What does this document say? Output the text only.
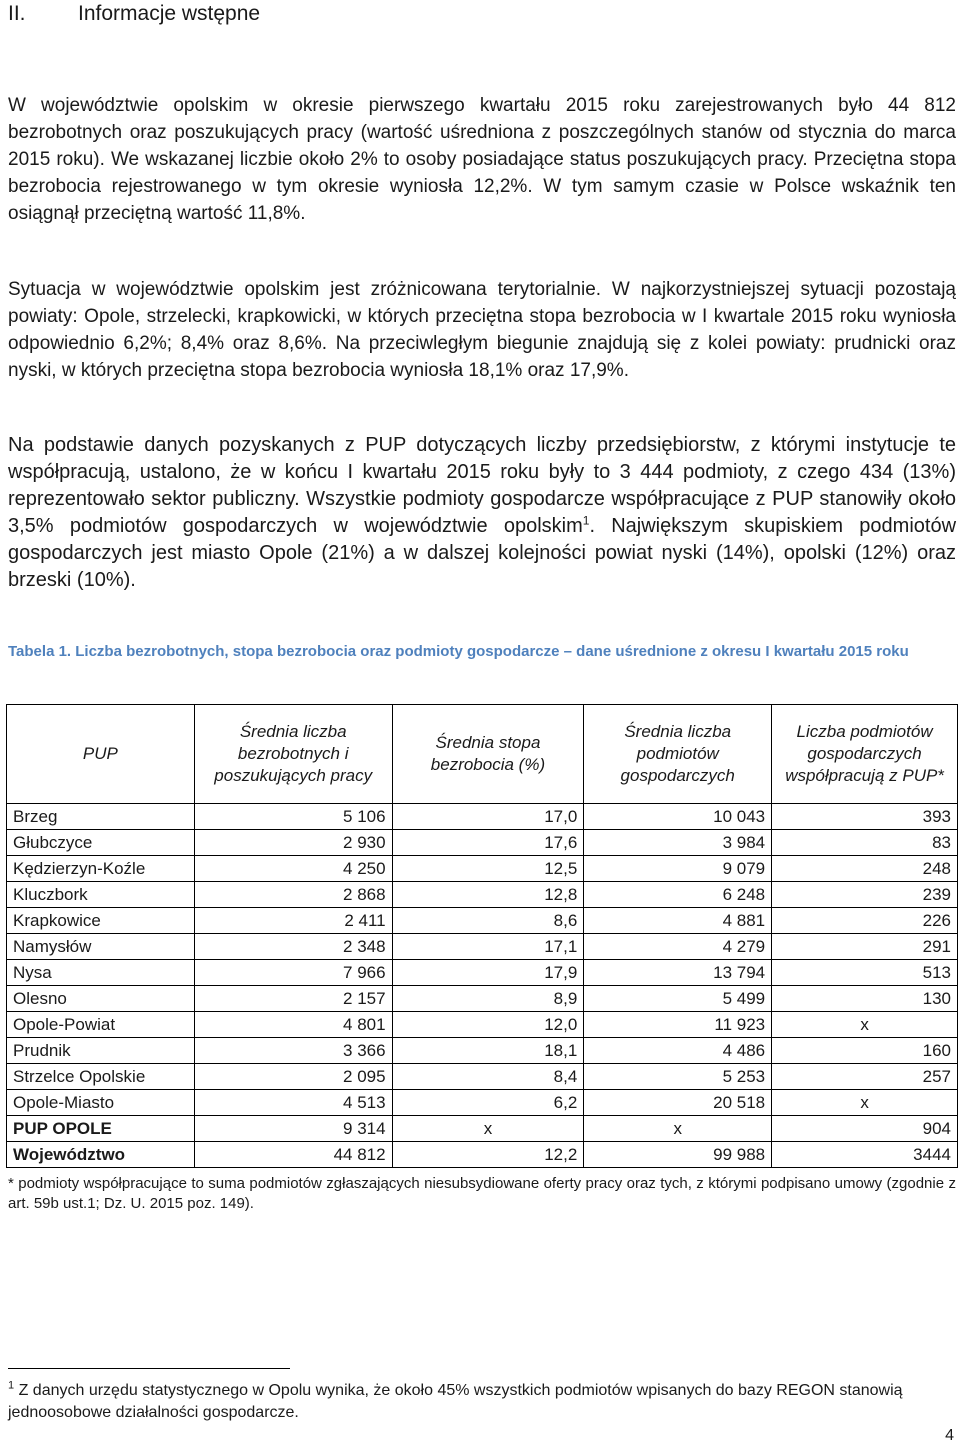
II. Informacje wstępne

W województwie opolskim w okresie pierwszego kwartału 2015 roku zarejestrowanych było 44 812 bezrobotnych oraz poszukujących pracy (wartość uśredniona z poszczególnych stanów od stycznia do marca 2015 roku). We wskazanej liczbie około 2% to osoby posiadające status poszukujących pracy. Przeciętna stopa bezrobocia rejestrowanego w tym okresie wyniosła 12,2%. W tym samym czasie w Polsce wskaźnik ten osiągnął przeciętną wartość 11,8%.

Sytuacja w województwie opolskim jest zróżnicowana terytorialnie. W najkorzystniejszej sytuacji pozostają powiaty: Opole, strzelecki, krapkowicki, w których przeciętna stopa bezrobocia w I kwartale 2015 roku wyniosła odpowiednio 6,2%; 8,4% oraz 8,6%. Na przeciwległym biegunie znajdują się z kolei powiaty: prudnicki oraz nyski, w których przeciętna stopa bezrobocia wyniosła 18,1% oraz 17,9%.

Na podstawie danych pozyskanych z PUP dotyczących liczby przedsiębiorstw, z którymi instytucje te współpracują, ustalono, że w końcu I kwartału 2015 roku były to 3 444 podmioty, z czego 434 (13%) reprezentowało sektor publiczny. Wszystkie podmioty gospodarcze współpracujące z PUP stanowiły około 3,5% podmiotów gospodarczych w województwie opolskim$^1$. Największym skupiskiem podmiotów gospodarczych jest miasto Opole (21%) a w dalszej kolejności powiat nyski (14%), opolski (12%) oraz brzeski (10%).

Tabela 1. Liczba bezrobotnych, stopa bezrobocia oraz podmioty gospodarcze – dane uśrednione z okresu I kwartału 2015 roku
PUP	Średnia liczba bezrobotnych i poszukujących pracy	Średnia stopa bezrobocia (%)	Średnia liczba podmiotów gospodarczych	Liczba podmiotów gospodarczych współpracują z PUP*
Brzeg	5 106	17,0	10 043	393
Głubczyce	2 930	17,6	3 984	83
Kędzierzyn-Koźle	4 250	12,5	9 079	248
Kluczbork	2 868	12,8	6 248	239
Krapkowice	2 411	8,6	4 881	226
Namysłów	2 348	17,1	4 279	291
Nysa	7 966	17,9	13 794	513
Olesno	2 157	8,9	5 499	130
Opole-Powiat	4 801	12,0	11 923	x
Prudnik	3 366	18,1	4 486	160
Strzelce Opolskie	2 095	8,4	5 253	257
Opole-Miasto	4 513	6,2	20 518	x
PUP OPOLE	9 314	x	x	904
Województwo	44 812	12,2	99 988	3444
* podmioty współpracujące to suma podmiotów zgłaszających niesubsydiowane oferty pracy oraz tych, z którymi podpisano umowy (zgodnie z art. 59b ust.1; Dz. U. 2015 poz. 149).
$^1$ Z danych urzędu statystycznego w Opolu wynika, że około 45% wszystkich podmiotów wpisanych do bazy REGON stanowią jednoosobowe działalności gospodarcze.
4
